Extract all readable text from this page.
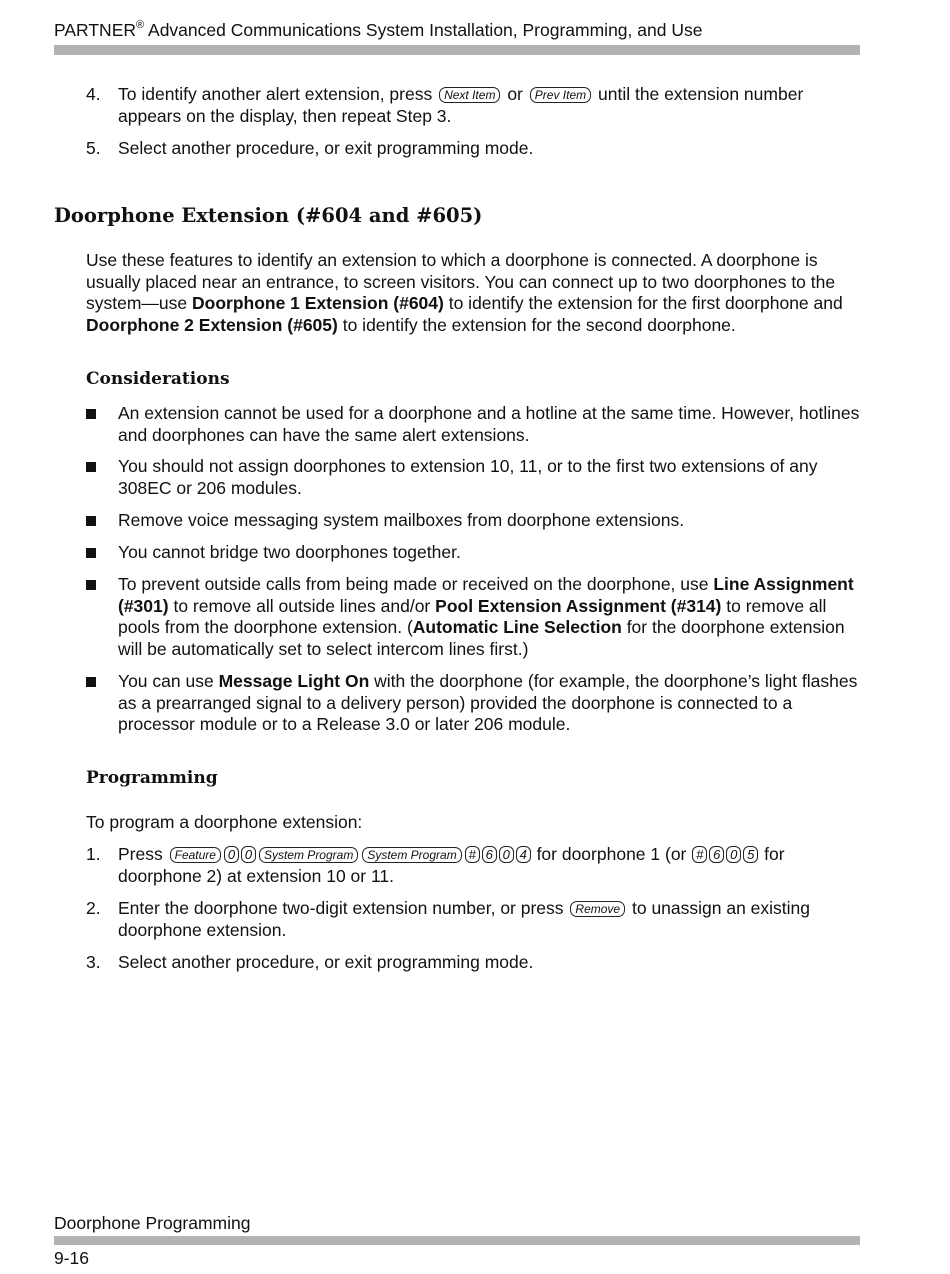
PARTNER® Advanced Communications System Installation, Programming, and Use
4. To identify another alert extension, press Next Item or Prev Item until the extension number appears on the display, then repeat Step 3.
5. Select another procedure, or exit programming mode.
Doorphone Extension (#604 and #605)
Use these features to identify an extension to which a doorphone is connected. A doorphone is usually placed near an entrance, to screen visitors. You can connect up to two doorphones to the system—use Doorphone 1 Extension (#604) to identify the extension for the first doorphone and Doorphone 2 Extension (#605) to identify the extension for the second doorphone.
Considerations
An extension cannot be used for a doorphone and a hotline at the same time. However, hotlines and doorphones can have the same alert extensions.
You should not assign doorphones to extension 10, 11, or to the first two extensions of any 308EC or 206 modules.
Remove voice messaging system mailboxes from doorphone extensions.
You cannot bridge two doorphones together.
To prevent outside calls from being made or received on the doorphone, use Line Assignment (#301) to remove all outside lines and/or Pool Extension Assignment (#314) to remove all pools from the doorphone extension. (Automatic Line Selection for the doorphone extension will be automatically set to select intercom lines first.)
You can use Message Light On with the doorphone (for example, the doorphone’s light flashes as a prearranged signal to a delivery person) provided the doorphone is connected to a processor module or to a Release 3.0 or later 206 module.
Programming
To program a doorphone extension:
1. Press Feature 0 0 System Program System Program # 6 0 4 for doorphone 1 (or # 6 0 5 for doorphone 2) at extension 10 or 11.
2. Enter the doorphone two-digit extension number, or press Remove to unassign an existing doorphone extension.
3. Select another procedure, or exit programming mode.
Doorphone Programming
9-16
